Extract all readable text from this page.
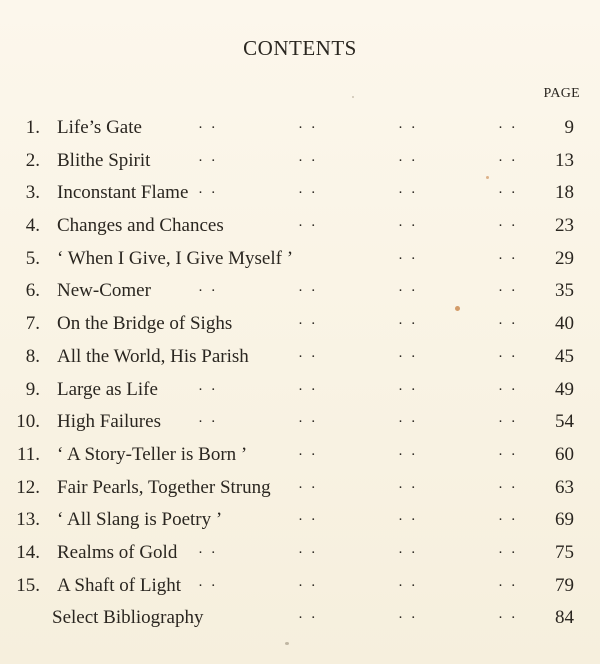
CONTENTS
PAGE
1. Life’s Gate	· ·	· ·	· ·	· ·	9
2. Blithe Spirit	· ·	· ·	· ·	· ·	13
3. Inconstant Flame · ·	· ·	· ·	· ·	18
4. Changes and Chances	· ·	· ·	· ·	23
5. ‘ When I Give, I Give Myself ’	· ·	· ·	29
6. New-Comer	· ·	· ·	· ·	· ·	35
7. On the Bridge of Sighs	· ·	· ·	· ·	40
8. All the World, His Parish	· ·	· ·	· ·	45
9. Large as Life	· ·	· ·	· ·	· ·	49
10. High Failures · ·	· ·	· ·	· ·	54
11. ‘ A Story-Teller is Born ’	· ·	· ·	· ·	60
12. Fair Pearls, Together Strung · ·	· ·	· ·	63
13. ‘ All Slang is Poetry ’	· ·	· ·	· ·	69
14. Realms of Gold · ·	· ·	· ·	· ·	75
15. A Shaft of Light · ·	· ·	· ·	· ·	79
Select Bibliography	· ·	· ·	· ·	84
